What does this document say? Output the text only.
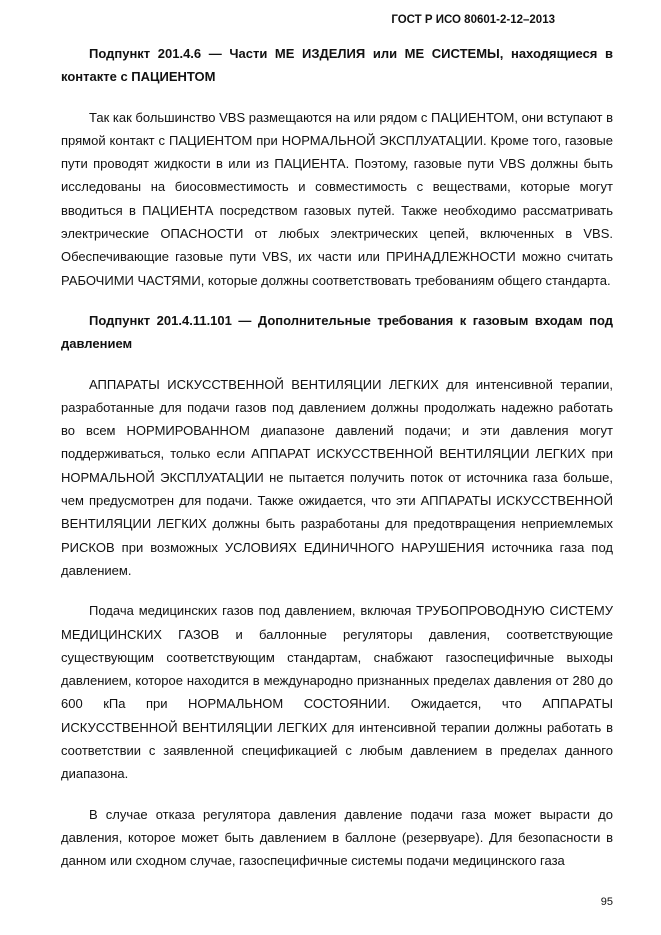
ГОСТ Р ИСО 80601-2-12–2013
Подпункт 201.4.6 — Части МЕ ИЗДЕЛИЯ или МЕ СИСТЕМЫ, находящиеся в контакте с ПАЦИЕНТОМ
Так как большинство VBS размещаются на или рядом с ПАЦИЕНТОМ, они вступают в прямой контакт с ПАЦИЕНТОМ при НОРМАЛЬНОЙ ЭКСПЛУАТАЦИИ. Кроме того, газовые пути проводят жидкости в или из ПАЦИЕНТА. Поэтому, газовые пути VBS должны быть исследованы на биосовместимость и совместимость с веществами, которые могут вводиться в ПАЦИЕНТА посредством газовых путей. Также необходимо рассматривать электрические ОПАСНОСТИ от любых электрических цепей, включенных в VBS. Обеспечивающие газовые пути VBS, их части или ПРИНАДЛЕЖНОСТИ можно считать РАБОЧИМИ ЧАСТЯМИ, которые должны соответствовать требованиям общего стандарта.
Подпункт 201.4.11.101 — Дополнительные требования к газовым входам под давлением
АППАРАТЫ ИСКУССТВЕННОЙ ВЕНТИЛЯЦИИ ЛЕГКИХ для интенсивной терапии, разработанные для подачи газов под давлением должны продолжать надежно работать во всем НОРМИРОВАННОМ диапазоне давлений подачи; и эти давления могут поддерживаться, только если АППАРАТ ИСКУССТВЕННОЙ ВЕНТИЛЯЦИИ ЛЕГКИХ при НОРМАЛЬНОЙ ЭКСПЛУАТАЦИИ не пытается получить поток от источника газа больше, чем предусмотрен для подачи. Также ожидается, что эти АППАРАТЫ ИСКУССТВЕННОЙ ВЕНТИЛЯЦИИ ЛЕГКИХ должны быть разработаны для предотвращения неприемлемых РИСКОВ при возможных УСЛОВИЯХ ЕДИНИЧНОГО НАРУШЕНИЯ источника газа под давлением.
Подача медицинских газов под давлением, включая ТРУБОПРОВОДНУЮ СИСТЕМУ МЕДИЦИНСКИХ ГАЗОВ и баллонные регуляторы давления, соответствующие существующим соответствующим стандартам, снабжают газоспецифичные выходы давлением, которое находится в международно признанных пределах давления от 280 до 600 кПа при НОРМАЛЬНОМ СОСТОЯНИИ. Ожидается, что АППАРАТЫ ИСКУССТВЕННОЙ ВЕНТИЛЯЦИИ ЛЕГКИХ для интенсивной терапии должны работать в соответствии с заявленной спецификацией с любым давлением в пределах данного диапазона.
В случае отказа регулятора давления давление подачи газа может вырасти до давления, которое может быть давлением в баллоне (резервуаре). Для безопасности в данном или сходном случае, газоспецифичные системы подачи медицинского газа
95
